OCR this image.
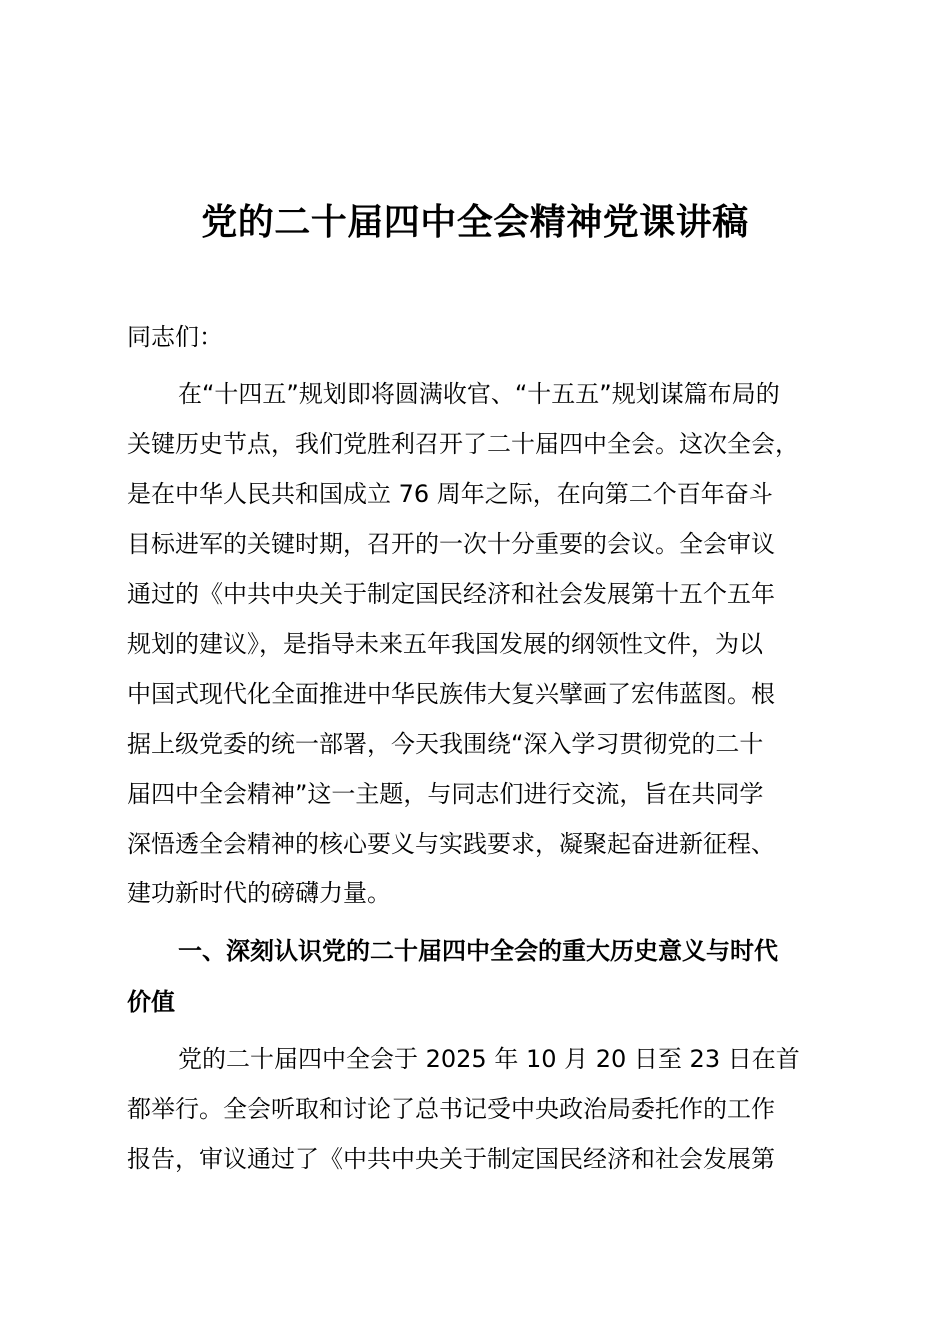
党的二十届四中全会精神党课讲稿
同志们：
在“十四五”规划即将圆满收官、“十五五”规划谋篇布局的
关键历史节点，我们党胜利召开了二十届四中全会。这次全会，
是在中华人民共和国成立 76 周年之际，在向第二个百年奋斗
目标进军的关键时期，召开的一次十分重要的会议。全会审议
通过的《中共中央关于制定国民经济和社会发展第十五个五年
规划的建议》，是指导未来五年我国发展的纲领性文件，为以
中国式现代化全面推进中华民族伟大复兴擘画了宏伟蓝图。根
据上级党委的统一部署，今天我围绕“深入学习贯彻党的二十
届四中全会精神”这一主题，与同志们进行交流，旨在共同学
深悟透全会精神的核心要义与实践要求，凝聚起奋进新征程、
建功新时代的磅礴力量。
一、深刻认识党的二十届四中全会的重大历史意义与时代
价值
党的二十届四中全会于 2025 年 10 月 20 日至 23 日在首
都举行。全会听取和讨论了总书记受中央政治局委托作的工作
报告，审议通过了《中共中央关于制定国民经济和社会发展第
